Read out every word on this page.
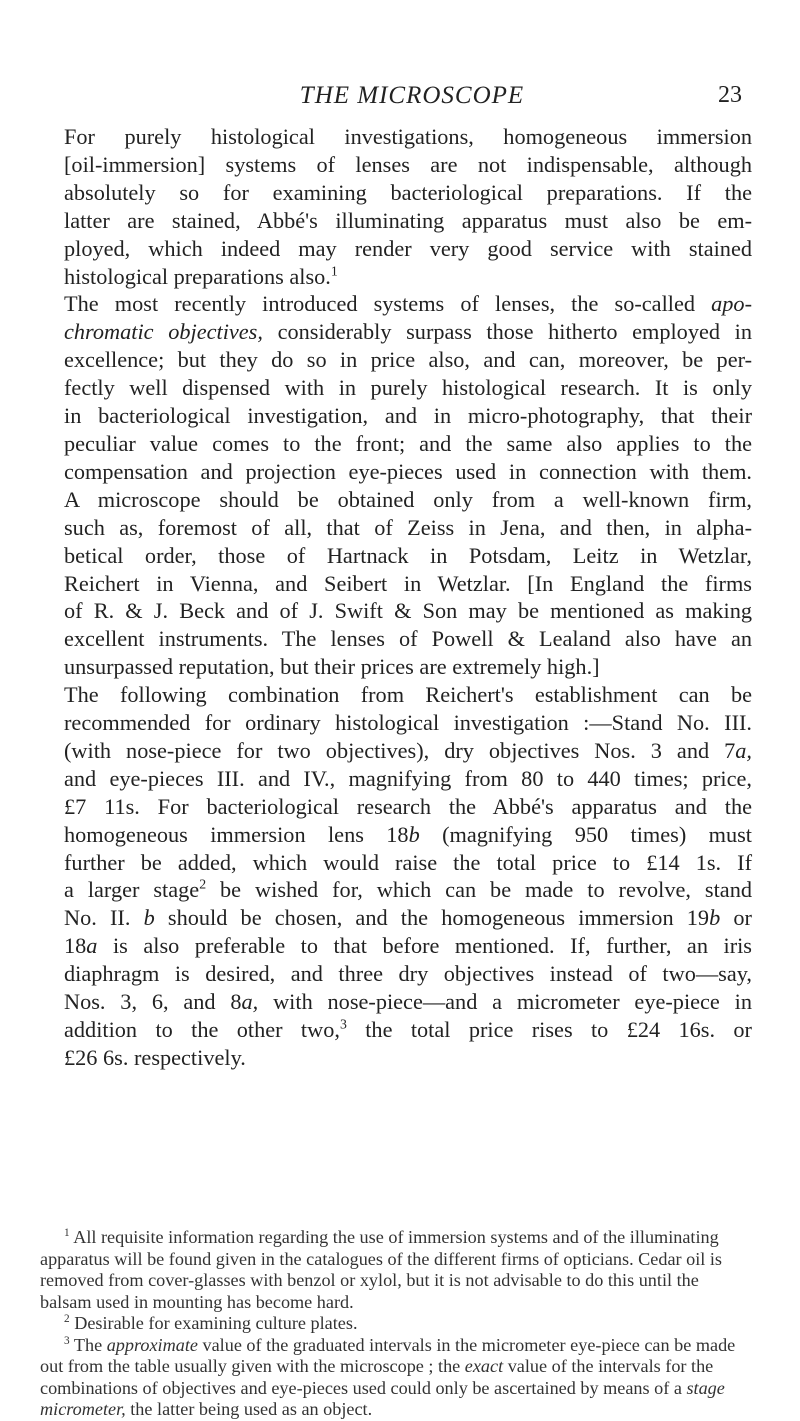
THE MICROSCOPE	23

For purely histological investigations, homogeneous immersion
[oil-immersion] systems of lenses are not indispensable, although
absolutely so for examining bacteriological preparations. If the
latter are stained, Abbé's illuminating apparatus must also be em-
ployed, which indeed may render very good service with stained
histological preparations also.$^1$

The most recently introduced systems of lenses, the so-called apo-
chromatic objectives, considerably surpass those hitherto employed in
excellence; but they do so in price also, and can, moreover, be per-
fectly well dispensed with in purely histological research. It is only
in bacteriological investigation, and in micro-photography, that their
peculiar value comes to the front; and the same also applies to the
compensation and projection eye-pieces used in connection with them.

A microscope should be obtained only from a well-known firm,
such as, foremost of all, that of Zeiss in Jena, and then, in alpha-
betical order, those of Hartnack in Potsdam, Leitz in Wetzlar,
Reichert in Vienna, and Seibert in Wetzlar. [In England the firms
of R. & J. Beck and of J. Swift & Son may be mentioned as making
excellent instruments. The lenses of Powell & Lealand also have an
unsurpassed reputation, but their prices are extremely high.]

The following combination from Reichert's establishment can be
recommended for ordinary histological investigation :—Stand No. III.
(with nose-piece for two objectives), dry objectives Nos. 3 and 7a,
and eye-pieces III. and IV., magnifying from 80 to 440 times; price,
£7 11s. For bacteriological research the Abbé's apparatus and the
homogeneous immersion lens 18b (magnifying 950 times) must
further be added, which would raise the total price to £14 1s. If
a larger stage$^2$ be wished for, which can be made to revolve, stand
No. II. b should be chosen, and the homogeneous immersion 19b or
18a is also preferable to that before mentioned. If, further, an iris
diaphragm is desired, and three dry objectives instead of two—say,
Nos. 3, 6, and 8a, with nose-piece—and a micrometer eye-piece in
addition to the other two,$^3$ the total price rises to £24 16s. or
£26 6s. respectively.

$^1$ All requisite information regarding the use of immersion systems and of the illuminating apparatus will be found given in the catalogues of the different firms of opticians. Cedar oil is removed from cover-glasses with benzol or xylol, but it is not advisable to do this until the balsam used in mounting has become hard.

$^2$ Desirable for examining culture plates.

$^3$ The approximate value of the graduated intervals in the micrometer eye-piece can be made out from the table usually given with the microscope ; the exact value of the intervals for the combinations of objectives and eye-pieces used could only be ascertained by means of a stage micrometer, the latter being used as an object.
